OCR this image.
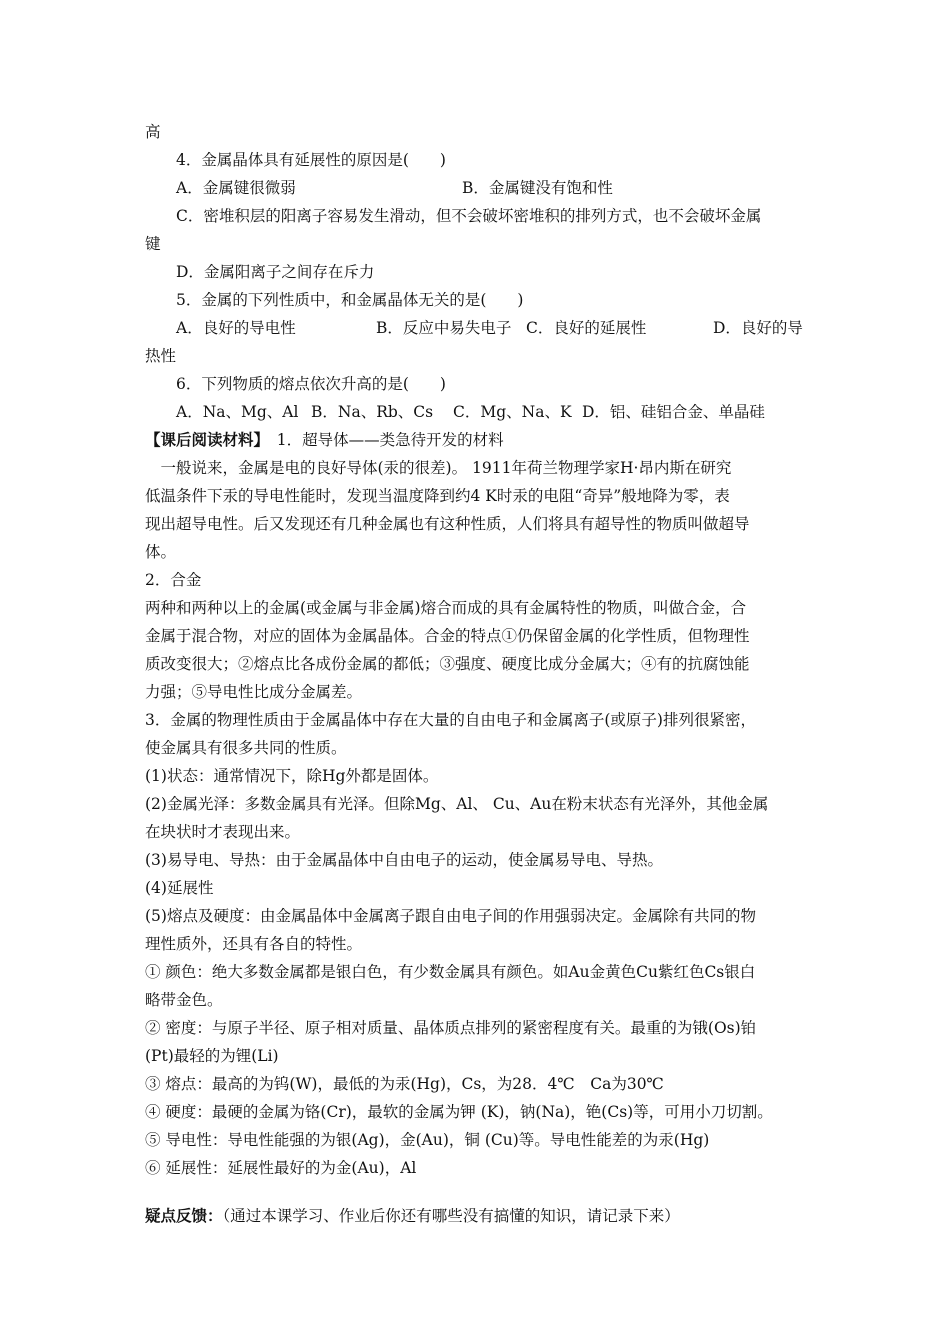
高
4．金属晶体具有延展性的原因是(　　)
A．金属键很微弱	B．金属键没有饱和性
C．密堆积层的阳离子容易发生滑动，但不会破坏密堆积的排列方式，也不会破坏金属
键
D．金属阳离子之间存在斥力
5．金属的下列性质中，和金属晶体无关的是(　　)
A．良好的导电性	B．反应中易失电子 C．良好的延展性	D．良好的导
热性
6．下列物质的熔点依次升高的是(　　)
A．Na、Mg、Al B．Na、Rb、Cs C．Mg、Na、K D．铝、硅铝合金、单晶硅
【课后阅读材料】　1．超导体——类急待开发的材料
　一般说来，金属是电的良好导体(汞的很差)。 1911年荷兰物理学家H·昂内斯在研究
低温条件下汞的导电性能时，发现当温度降到约4 K时汞的电阻“奇异”般地降为零，表
现出超导电性。后又发现还有几种金属也有这种性质，人们将具有超导性的物质叫做超导
体。
2．合金
两种和两种以上的金属(或金属与非金属)熔合而成的具有金属特性的物质，叫做合金，合
金属于混合物，对应的固体为金属晶体。合金的特点①仍保留金属的化学性质，但物理性
质改变很大；②熔点比各成份金属的都低；③强度、硬度比成分金属大；④有的抗腐蚀能
力强；⑤导电性比成分金属差。
3．金属的物理性质由于金属晶体中存在大量的自由电子和金属离子(或原子)排列很紧密，
使金属具有很多共同的性质。
(1)状态：通常情况下，除Hg外都是固体。
(2)金属光泽：多数金属具有光泽。但除Mg、Al、 Cu、Au在粉末状态有光泽外，其他金属
在块状时才表现出来。
(3)易导电、导热：由于金属晶体中自由电子的运动，使金属易导电、导热。
(4)延展性
(5)熔点及硬度：由金属晶体中金属离子跟自由电子间的作用强弱决定。金属除有共同的物
理性质外，还具有各自的特性。
① 颜色：绝大多数金属都是银白色，有少数金属具有颜色。如Au金黄色Cu紫红色Cs银白
略带金色。
② 密度：与原子半径、原子相对质量、晶体质点排列的紧密程度有关。最重的为锇(Os)铂
(Pt)最轻的为锂(Li)
③ 熔点：最高的为钨(W)，最低的为汞(Hg)，Cs，为28．4℃　Ca为30℃
④ 硬度：最硬的金属为铬(Cr)，最软的金属为钾 (K)，钠(Na)，铯(Cs)等，可用小刀切割。
⑤ 导电性：导电性能强的为银(Ag)，金(Au)，铜 (Cu)等。导电性能差的为汞(Hg)
⑥ 延展性：延展性最好的为金(Au)，Al
疑点反馈：（通过本课学习、作业后你还有哪些没有搞懂的知识，请记录下来）
